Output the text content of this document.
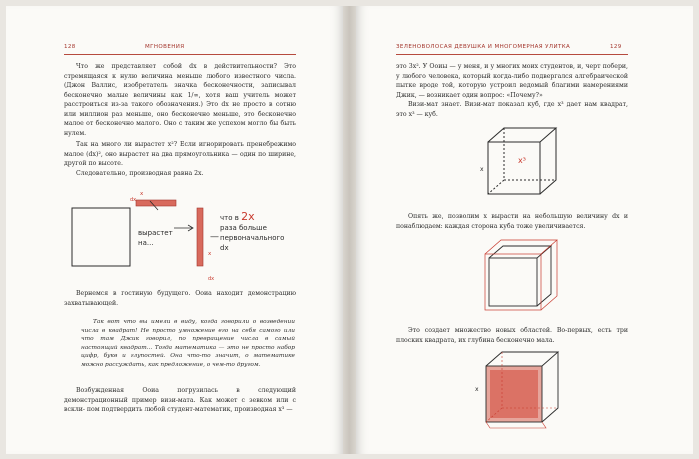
128	МГНОВЕНИЯ

Что же представляет собой dx в действительности? Это стремящаяся к нулю величина меньше любого известного числа. (Джон Валлис, изобретатель значка бесконечности, записывал бесконечно малые величины как 1/∞, хотя ваш учитель может расстроиться из-за такого обозначения.) Это dx не просто в сотню или миллион раз меньше, оно бесконечно меньше, это бесконечно малое от бесконечно малого. Оно с таким же успехом могло бы быть нулем.

Так на много ли вырастет x²? Если игнорировать пренебрежимо малое (dx)², оно вырастет на два прямоугольника — один по ширине, другой по высоте.

Следовательно, производная равна 2x.

x
dx
dx
x
вырастет
на...
что в 2x
раза больше
первоначального
dx
—

Вернемся в гостиную будущего. Ооиа находит демонстрацию захватывающей.

Так вот что вы имели в виду, когда говорили о возведении числа в квадрат! Не просто умножение его на себя самого или что там Джик говорил, по превращение числа в самый настоящий квадрат... Тогда математика — это не просто набор цифр, букв и глупостей. Она что-то значит, о математике можно рассуждать, как предложение, о чем-то другом.

Возбужденная Ооиа погрузилась в следующий демонстрационный пример визи-мата. Как может с зевком или с вскли- пом подтвердить любой студент-математик, производная x³ —

ЗЕЛЕНОВОЛОСАЯ ДЕВУШКА И МНОГОМЕРНАЯ УЛИТКА	129

это 3x². У Ооиы — у меня, и у многих моих студентов, и, черт побери, у любого человека, который когда-либо подвергался алгебраической пытке вроде той, которую устроил ведомый благими намерениями Джик, — возникает один вопрос: «Почему?»

Визи-мат знает. Визи-мат показал куб, где x³ дает нам квадрат, это x³ — куб.

x³
x

Опять же, позволим x вырасти на небольшую величину dx и понаблюдаем: каждая сторона куба тоже увеличивается.

Это создает множество новых областей. Во-первых, есть три плоских квадрата, их глубина бесконечно мала.

x
